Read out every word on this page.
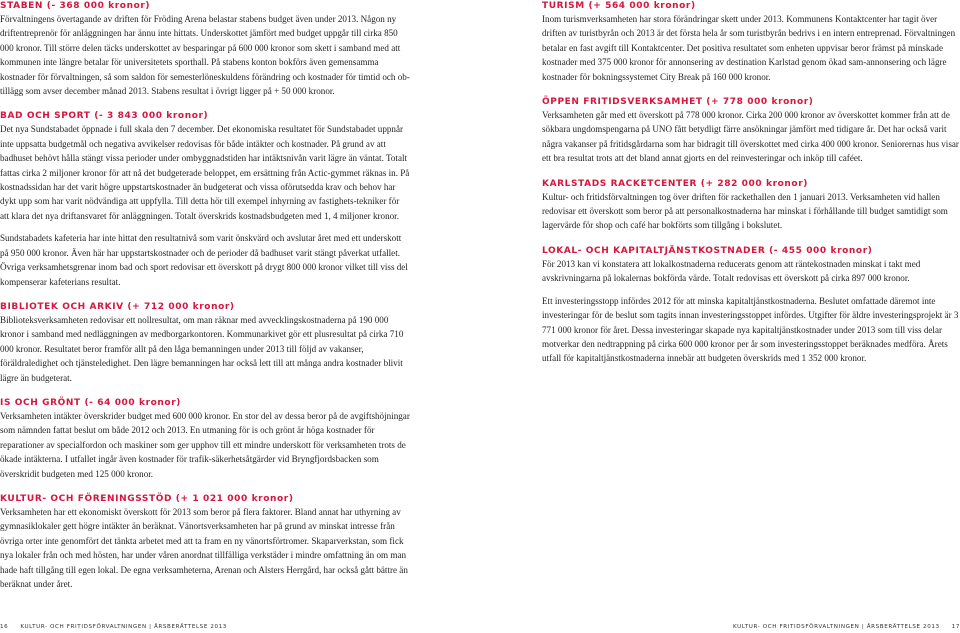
STABEN (- 368 000 kronor)

Förvaltningens övertagande av driften för Fröding Arena belastar stabens budget även under 2013. Någon ny driftentreprenör för anläggningen har ännu inte hittats. Underskottet jämfört med budget uppgår till cirka 850 000 kronor. Till större delen täcks underskottet av besparingar på 600 000 kronor som skett i samband med att kommunen inte längre betalar för universitetets sporthall. På stabens konton bokförs även gemensamma kostnader för förvaltningen, så som saldon för semesterlöneskuldens förändring och kostnader för timtid och ob-tillägg som avser december månad 2013. Stabens resultat i övrigt ligger på + 50 000 kronor.

BAD OCH SPORT (- 3 843 000 kronor)

Det nya Sundstabadet öppnade i full skala den 7 december. Det ekonomiska resultatet för Sundstabadet uppnår inte uppsatta budgetmål och negativa avvikelser redovisas för både intäkter och kostnader. På grund av att badhuset behövt hålla stängt vissa perioder under ombyggnadstiden har intäktsnivån varit lägre än väntat. Totalt fattas cirka 2 miljoner kronor för att nå det budgeterade beloppet, em ersättning från Actic-gymmet räknas in. På kostnadssidan har det varit högre uppstartskostnader än budgeterat och vissa oförutsedda krav och behov har dykt upp som har varit nödvändiga att uppfylla. Till detta hör till exempel inhyrning av fastighets-tekniker för att klara det nya driftansvaret för anläggningen. Totalt överskrids kostnadsbudgeten med 1, 4 miljoner kronor.

Sundstabadets kafeteria har inte hittat den resultatnivå som varit önskvärd och avslutar året med ett underskott på 950 000 kronor. Även här har uppstartskostnader och de perioder då badhuset varit stängt påverkat utfallet. Övriga verksamhetsgrenar inom bad och sport redovisar ett överskott på drygt 800 000 kronor vilket till viss del kompenserar kafeterians resultat.

BIBLIOTEK OCH ARKIV (+ 712 000 kronor)

Biblioteksverksamheten redovisar ett nollresultat, om man räknar med avvecklingskostnaderna på 190 000 kronor i samband med nedläggningen av medborgarkontoren. Kommunarkivet gör ett plusresultat på cirka 710 000 kronor. Resultatet beror framför allt på den låga bemanningen under 2013 till följd av vakanser, föräldraledighet och tjänsteledighet. Den lägre bemanningen har också lett till att många andra kostnader blivit lägre än budgeterat.

IS OCH GRÖNT (- 64 000 kronor)

Verksamheten intäkter överskrider budget med 600 000 kronor. En stor del av dessa beror på de avgiftshöjningar som nämnden fattat beslut om både 2012 och 2013. En utmaning för is och grönt är höga kostnader för reparationer av specialfordon och maskiner som ger upphov till ett mindre underskott för verksamheten trots de ökade intäkterna. I utfallet ingår även kostnader för trafik-säkerhetsåtgärder vid Bryngfjordsbacken som överskridit budgeten med 125 000 kronor.

KULTUR- OCH FÖRENINGSSTÖD (+ 1 021 000 kronor)

Verksamheten har ett ekonomiskt överskott för 2013 som beror på flera faktorer. Bland annat har uthyrning av gymnasiklokaler gett högre intäkter än beräknat. Vänortsverksamheten har på grund av minskat intresse från övriga orter inte genomfört det tänkta arbetet med att ta fram en ny vänortsförtromer. Skaparverkstan, som fick nya lokaler från och med hösten, har under våren anordnat tillfälliga verkstäder i mindre omfattning än om man hade haft tillgång till egen lokal. De egna verksamheterna, Arenan och Alsters Herrgård, har också gått bättre än beräknat under året.

TURISM (+ 564 000 kronor)

Inom turismverksamheten har stora förändringar skett under 2013. Kommunens Kontaktcenter har tagit över driften av turistbyrån och 2013 är det första hela år som turistbyrån bedrivs i en intern entreprenad. Förvaltningen betalar en fast avgift till Kontaktcenter. Det positiva resultatet som enheten uppvisar beror främst på minskade kostnader med 375 000 kronor för annonsering av destination Karlstad genom ökad sam-annonsering och lägre kostnader för bokningssystemet City Break på 160 000 kronor.

ÖPPEN FRITIDSVERKSAMHET (+ 778 000 kronor)

Verksamheten går med ett överskott på 778 000 kronor. Cirka 200 000 kronor av överskottet kommer från att de sökbara ungdomspengarna på UNO fått betydligt färre ansökningar jämfört med tidigare år. Det har också varit några vakanser på fritidsgårdarna som har bidragit till överskottet med cirka 400 000 kronor. Seniorernas hus visar ett bra resultat trots att det bland annat gjorts en del reinvesteringar och inköp till caféet.

KARLSTADS RACKETCENTER (+ 282 000 kronor)

Kultur- och fritidsförvaltningen tog över driften för rackethallen den 1 januari 2013. Verksamheten vid hallen redovisar ett överskott som beror på att personalkostnaderna har minskat i förhållande till budget samtidigt som lagervärde för shop och café har bokförts som tillgång i bokslutet.

LOKAL- OCH KAPITALTJÄNSTKOSTNADER (- 455 000 kronor)

För 2013 kan vi konstatera att lokalkostnaderna reducerats genom att räntekostnaden minskat i takt med avskrivningarna på lokalernas bokförda värde. Totalt redovisas ett överskott på cirka 897 000 kronor.

Ett investeringsstopp infördes 2012 för att minska kapitaltjänstkostnaderna. Beslutet omfattade däremot inte investeringar för de beslut som tagits innan investeringsstoppet infördes. Utgifter för äldre investeringsprojekt är 3 771 000 kronor för året. Dessa investeringar skapade nya kapitaltjänstkostnader under 2013 som till viss delar motverkar den nedtrappning på cirka 600 000 kronor per år som investeringsstoppet beräknades medföra. Årets utfall för kapitaltjänstkostnaderna innebär att budgeten överskrids med 1 352 000 kronor.

16 KULTUR- OCH FRITIDSFÖRVALTNINGEN | ÅRSBERÄTTELSE 2013	KULTUR- OCH FRITIDSFÖRVALTNINGEN | ÅRSBERÄTTELSE 2013 17
